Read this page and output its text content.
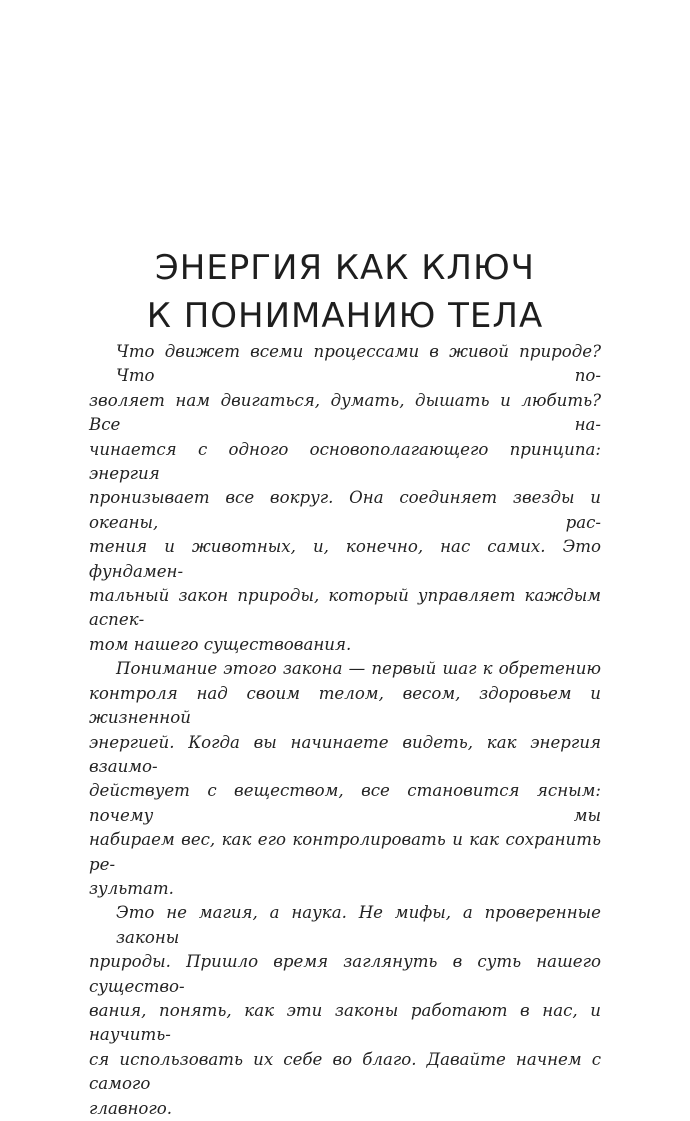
ЭНЕРГИЯ КАК КЛЮЧ
К ПОНИМАНИЮ ТЕЛА
Что движет всеми процессами в живой природе? Что по-
зволяет нам двигаться, думать, дышать и любить? Все на-
чинается с одного основополагающего принципа: энергия
пронизывает все вокруг. Она соединяет звезды и океаны, рас-
тения и животных, и, конечно, нас самих. Это фундамен-
тальный закон природы, который управляет каждым аспек-
том нашего существования.
Понимание этого закона — первый шаг к обретению
контроля над своим телом, весом, здоровьем и жизненной
энергией. Когда вы начинаете видеть, как энергия взаимо-
действует с веществом, все становится ясным: почему мы
набираем вес, как его контролировать и как сохранить ре-
зультат.
Это не магия, а наука. Не мифы, а проверенные законы
природы. Пришло время заглянуть в суть нашего существо-
вания, понять, как эти законы работают в нас, и научить-
ся использовать их себе во благо. Давайте начнем с самого
главного.
